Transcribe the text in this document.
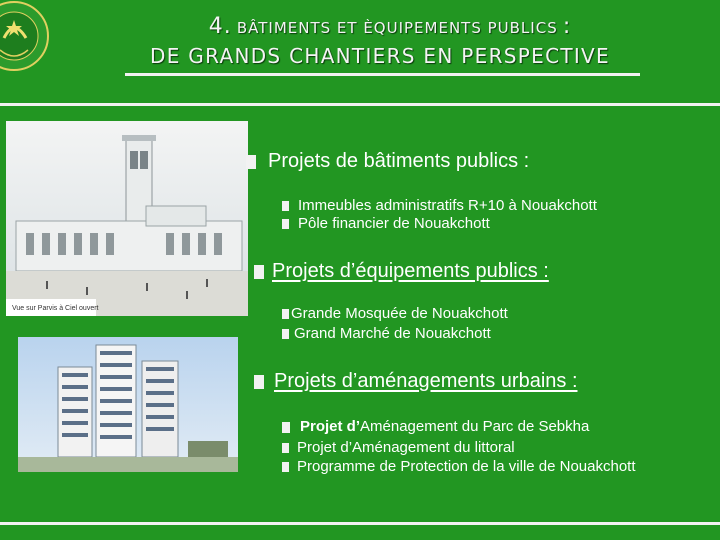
4. BÂTIMENTS ET ÈQUIPEMENTS PUBLICS :
DE GRANDS CHANTIERS EN PERSPECTIVE
Vue sur Parvis à Ciel ouvert
Projets de bâtiments publics :
Immeubles administratifs R+10 à Nouakchott
Pôle financier de Nouakchott
Projets d’équipements publics :
Grande Mosquée de Nouakchott
Grand Marché de Nouakchott
Projets d’aménagements urbains :
Projet d’Aménagement du Parc de Sebkha
Projet d’Aménagement du littoral
Programme de Protection de la ville de Nouakchott
